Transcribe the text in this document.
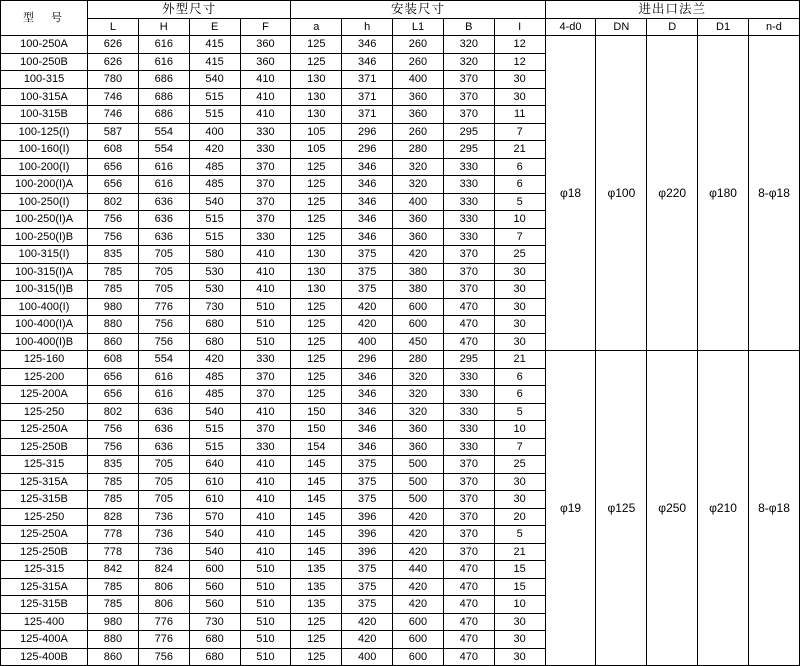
型　号	外型尺寸				安装尺寸					进出口法兰				
	L	H	E	F	a	h	L1	B	I	4-d0	DN	D	D1	n-d
100-250A	626	616	415	360	125	346	260	320	12	φ18	φ100	φ220	φ180	8-φ18
100-250B	626	616	415	360	125	346	260	320	12					
100-315	780	686	540	410	130	371	400	370	30					
100-315A	746	686	515	410	130	371	360	370	30					
100-315B	746	686	515	410	130	371	360	370	11					
100-125(I)	587	554	400	330	105	296	260	295	7					
100-160(I)	608	554	420	330	105	296	280	295	21					
100-200(I)	656	616	485	370	125	346	320	330	6					
100-200(I)A	656	616	485	370	125	346	320	330	6					
100-250(I)	802	636	540	370	125	346	400	330	5					
100-250(I)A	756	636	515	370	125	346	360	330	10					
100-250(I)B	756	636	515	330	125	346	360	330	7					
100-315(I)	835	705	580	410	130	375	420	370	25					
100-315(I)A	785	705	530	410	130	375	380	370	30					
100-315(I)B	785	705	530	410	130	375	380	370	30					
100-400(I)	980	776	730	510	125	420	600	470	30					
100-400(I)A	880	756	680	510	125	420	600	470	30					
100-400(I)B	860	756	680	510	125	400	450	470	30					
125-160	608	554	420	330	125	296	280	295	21	φ19	φ125	φ250	φ210	8-φ18
125-200	656	616	485	370	125	346	320	330	6					
125-200A	656	616	485	370	125	346	320	330	6					
125-250	802	636	540	410	150	346	320	330	5					
125-250A	756	636	515	370	150	346	360	330	10					
125-250B	756	636	515	330	154	346	360	330	7					
125-315	835	705	640	410	145	375	500	370	25					
125-315A	785	705	610	410	145	375	500	370	30					
125-315B	785	705	610	410	145	375	500	370	30					
125-250	828	736	570	410	145	396	420	370	20					
125-250A	778	736	540	410	145	396	420	370	5					
125-250B	778	736	540	410	145	396	420	370	21					
125-315	842	824	600	510	135	375	440	470	15					
125-315A	785	806	560	510	135	375	420	470	15					
125-315B	785	806	560	510	135	375	420	470	10					
125-400	980	776	730	510	125	420	600	470	30					
125-400A	880	776	680	510	125	420	600	470	30					
125-400B	860	756	680	510	125	400	600	470	30					
